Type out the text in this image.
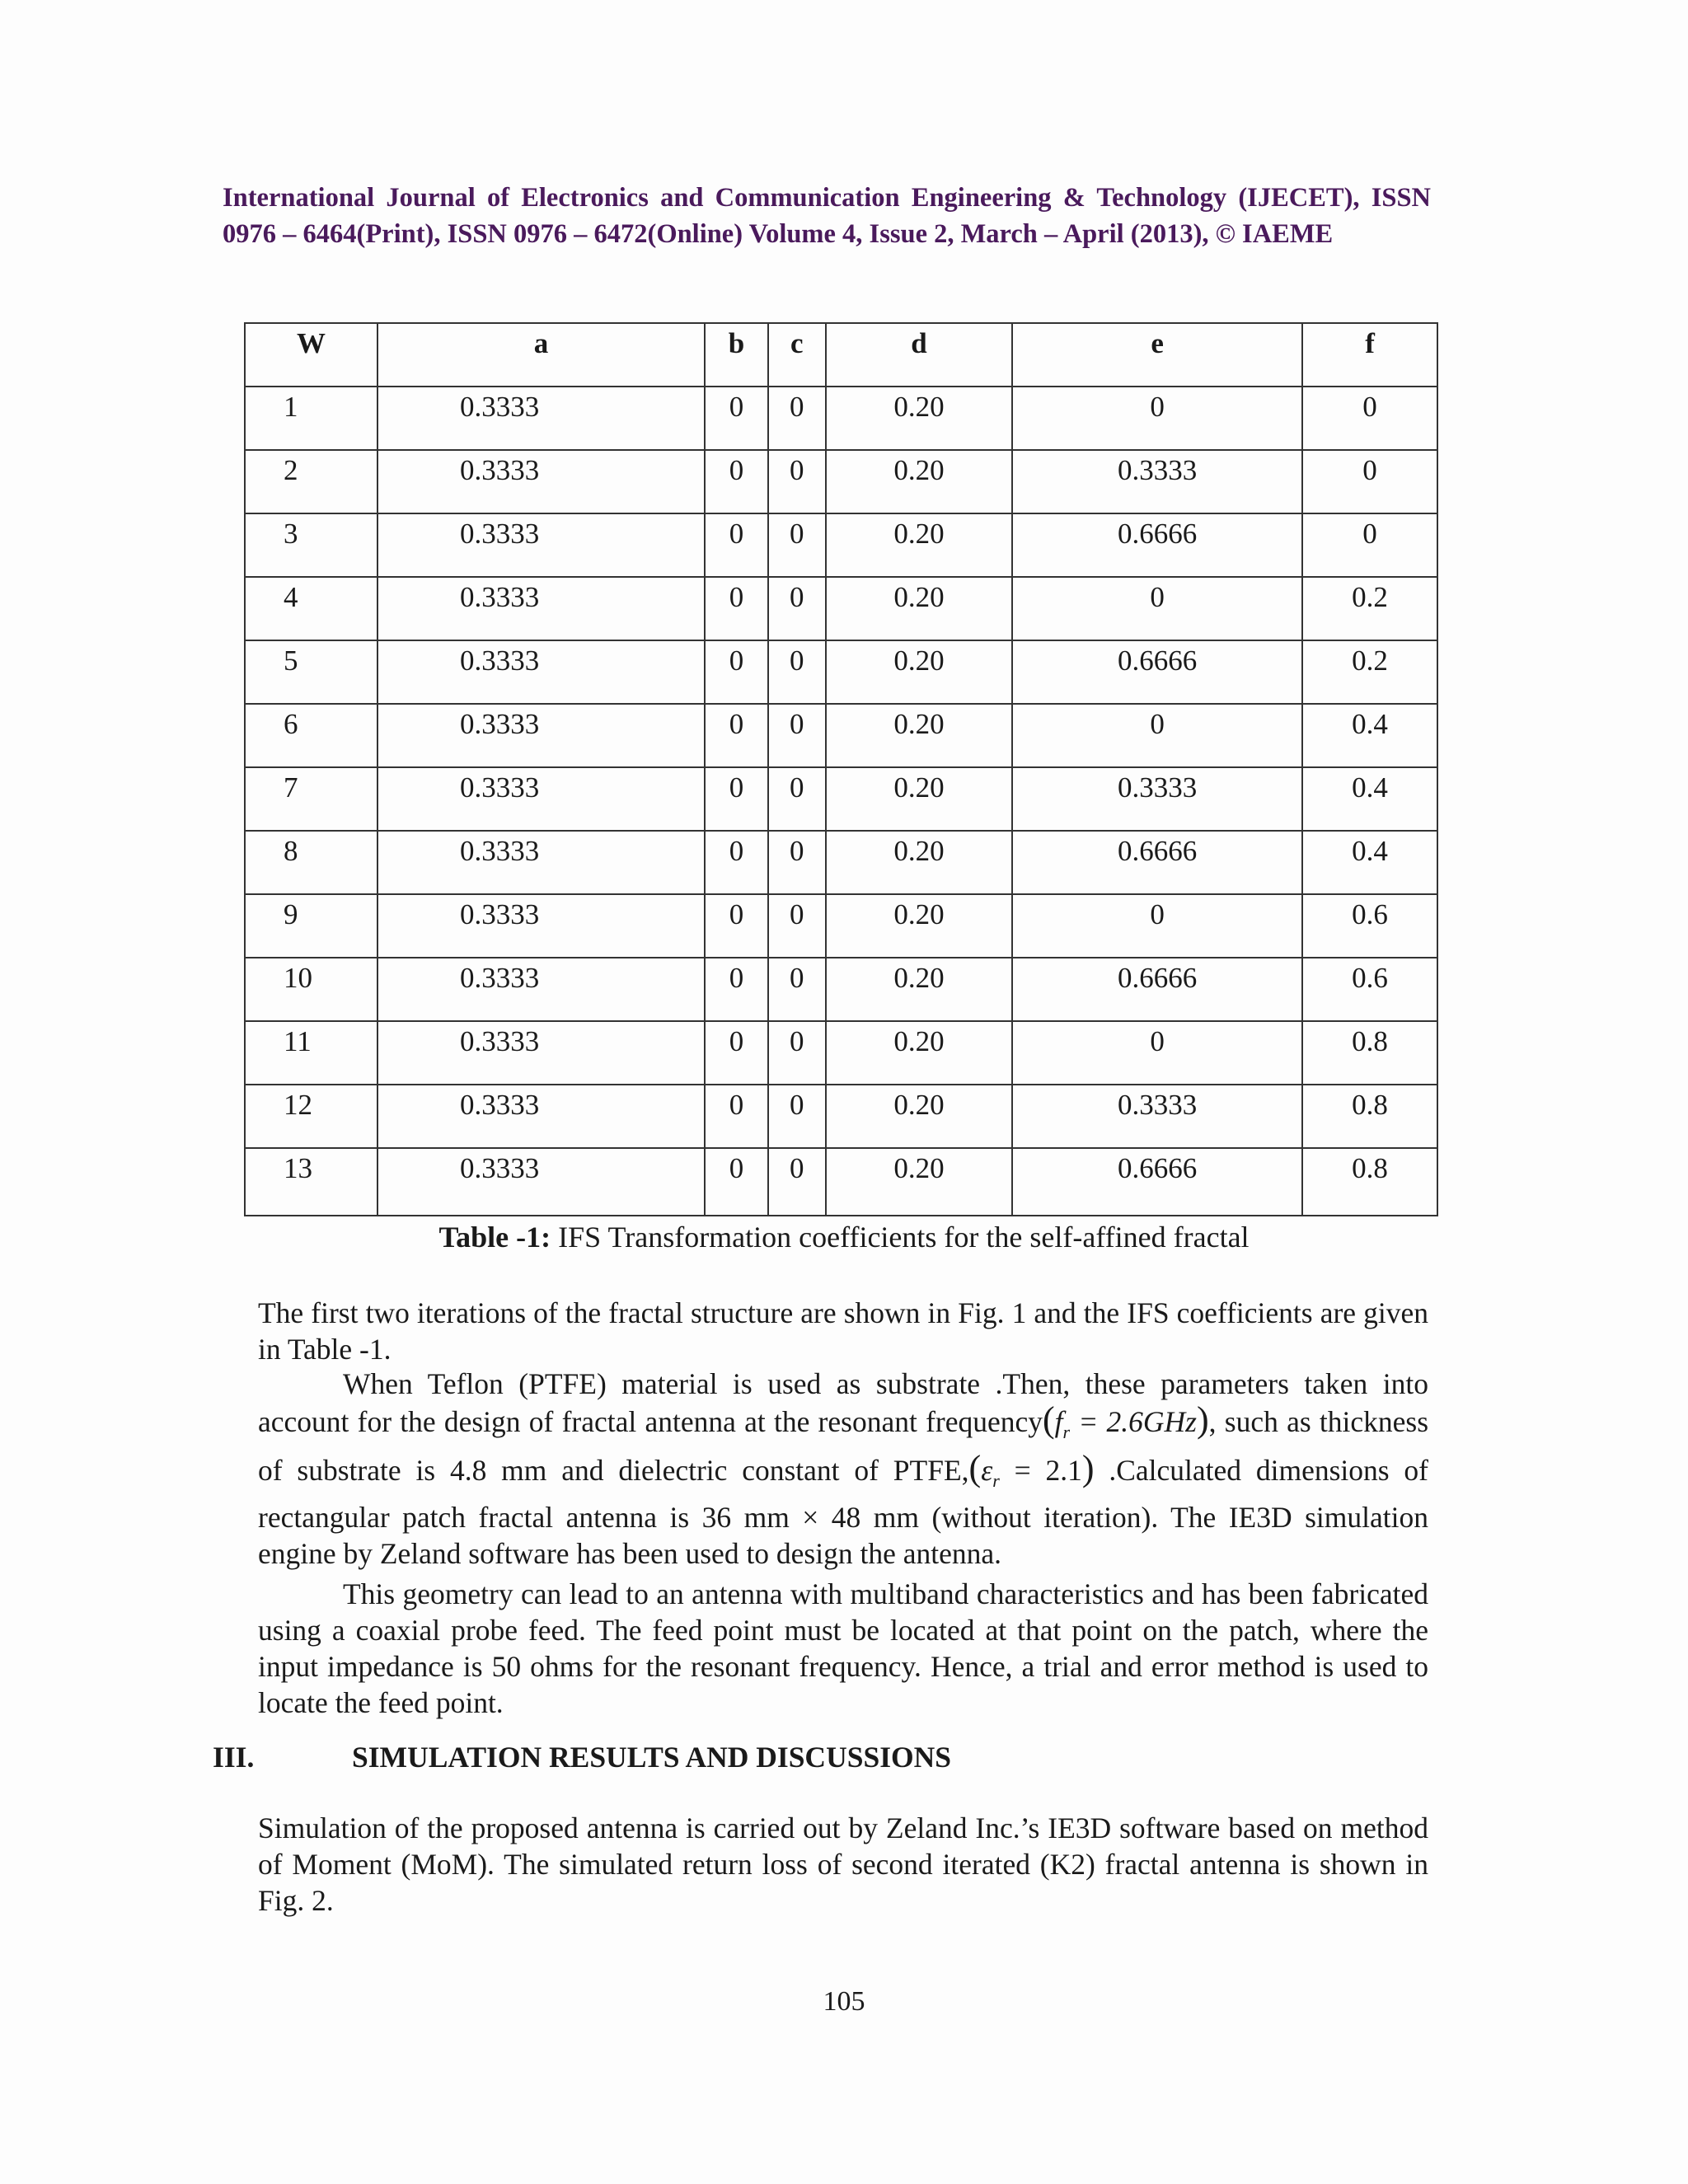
International Journal of Electronics and Communication Engineering & Technology (IJECET), ISSN
0976 – 6464(Print), ISSN 0976 – 6472(Online) Volume 4, Issue 2, March – April (2013), © IAEME
W	a	b	c	d	e	f
1	0.3333	0	0	0.20	0	0
2	0.3333	0	0	0.20	0.3333	0
3	0.3333	0	0	0.20	0.6666	0
4	0.3333	0	0	0.20	0	0.2
5	0.3333	0	0	0.20	0.6666	0.2
6	0.3333	0	0	0.20	0	0.4
7	0.3333	0	0	0.20	0.3333	0.4
8	0.3333	0	0	0.20	0.6666	0.4
9	0.3333	0	0	0.20	0	0.6
10	0.3333	0	0	0.20	0.6666	0.6
11	0.3333	0	0	0.20	0	0.8
12	0.3333	0	0	0.20	0.3333	0.8
13	0.3333	0	0	0.20	0.6666	0.8
Table -1: IFS Transformation coefficients for the self-affined fractal
The first two iterations of the fractal structure are shown in Fig. 1 and the IFS coefficients are given in Table -1.
When Teflon (PTFE) material is used as substrate .Then, these parameters taken into account for the design of fractal antenna at the resonant $frequency(f_r = 2.6GHz)$, such as thickness of substrate is 4.8 mm and dielectric constant of $PTFE,(\varepsilon_r = 2.1)$ .Calculated dimensions of rectangular patch fractal antenna is 36 mm × 48 mm (without iteration). The IE3D simulation engine by Zeland software has been used to design the antenna.
This geometry can lead to an antenna with multiband characteristics and has been fabricated using a coaxial probe feed. The feed point must be located at that point on the patch, where the input impedance is 50 ohms for the resonant frequency. Hence, a trial and error method is used to locate the feed point.
III.	SIMULATION RESULTS AND DISCUSSIONS
Simulation of the proposed antenna is carried out by Zeland Inc.’s IE3D software based on method of Moment (MoM). The simulated return loss of second iterated (K2) fractal antenna is shown in Fig. 2.
105
